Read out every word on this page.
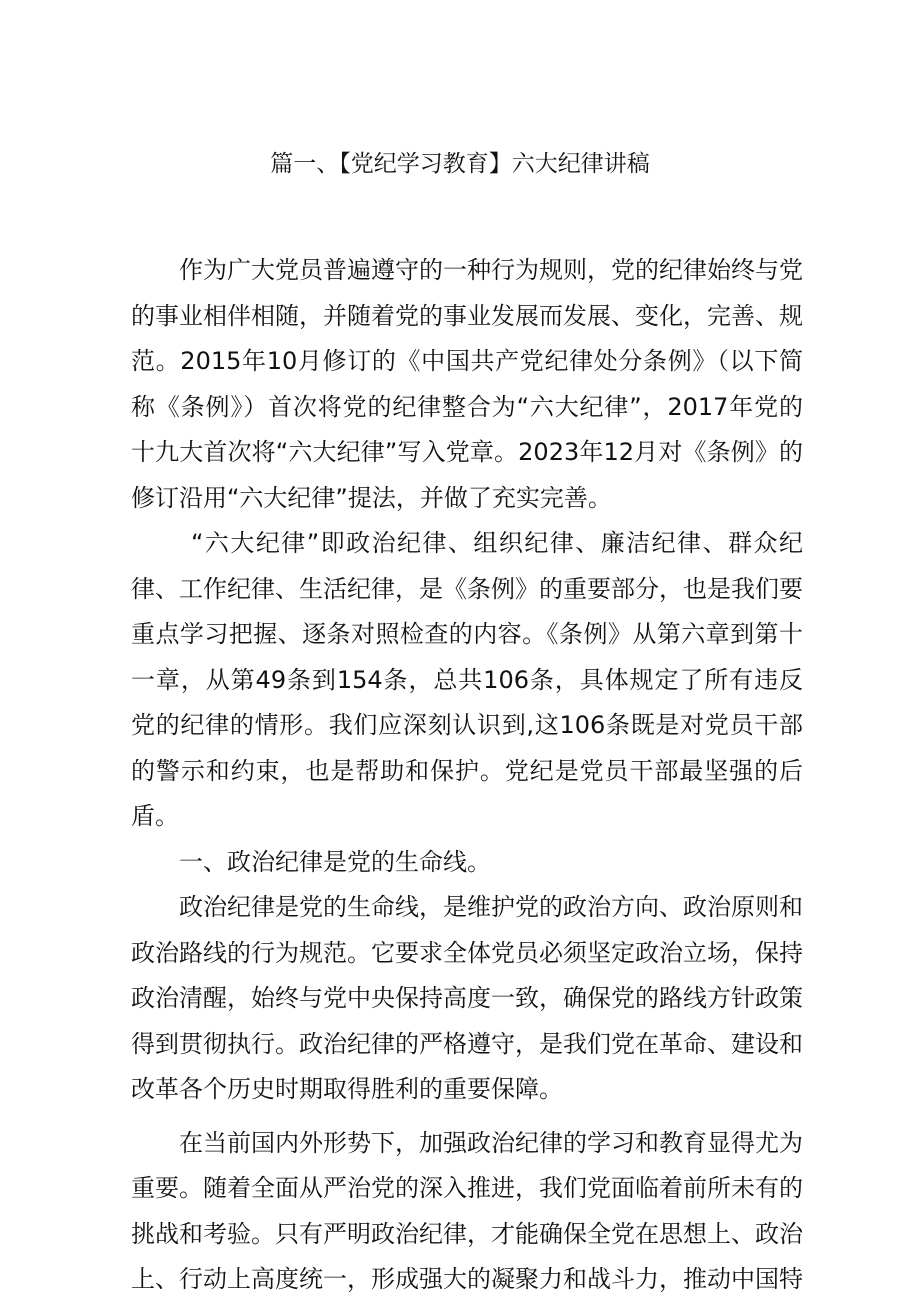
篇一、【党纪学习教育】六大纪律讲稿

作为广大党员普遍遵守的一种行为规则，党的纪律始终与党的事业相伴相随，并随着党的事业发展而发展、变化，完善、规范。2015年10月修订的《中国共产党纪律处分条例》（以下简称《条例》）首次将党的纪律整合为“六大纪律”，2017年党的十九大首次将“六大纪律”写入党章。2023年12月对《条例》的修订沿用“六大纪律”提法，并做了充实完善。

“六大纪律”即政治纪律、组织纪律、廉洁纪律、群众纪律、工作纪律、生活纪律，是《条例》的重要部分，也是我们要重点学习把握、逐条对照检查的内容。《条例》从第六章到第十一章，从第49条到154条，总共106条，具体规定了所有违反党的纪律的情形。我们应深刻认识到,这106条既是对党员干部的警示和约束，也是帮助和保护。党纪是党员干部最坚强的后盾。

一、政治纪律是党的生命线。

政治纪律是党的生命线，是维护党的政治方向、政治原则和政治路线的行为规范。它要求全体党员必须坚定政治立场，保持政治清醒，始终与党中央保持高度一致，确保党的路线方针政策得到贯彻执行。政治纪律的严格遵守，是我们党在革命、建设和改革各个历史时期取得胜利的重要保障。

在当前国内外形势下，加强政治纪律的学习和教育显得尤为重要。随着全面从严治党的深入推进，我们党面临着前所未有的挑战和考验。只有严明政治纪律，才能确保全党在思想上、政治上、行动上高度统一，形成强大的凝聚力和战斗力，推动中国特
